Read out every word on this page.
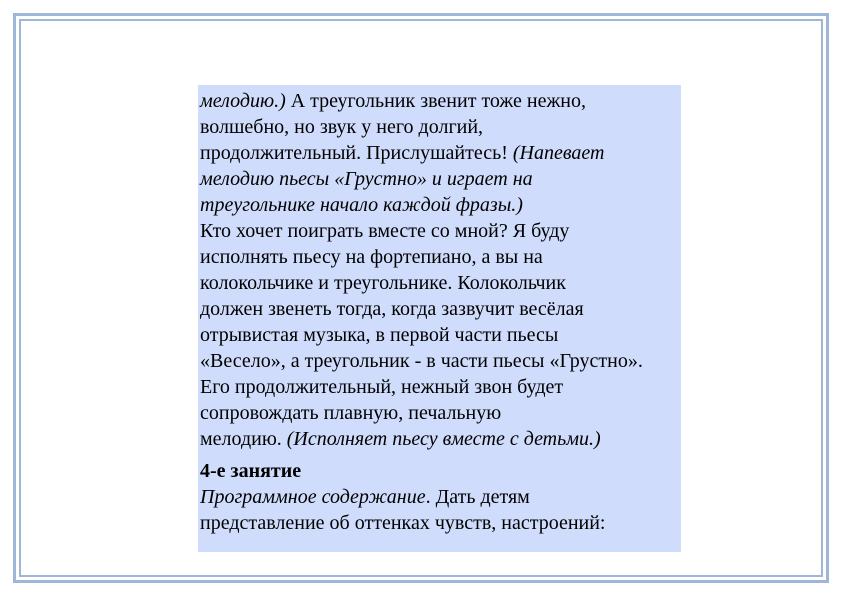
мелодию.) А треугольник звенит тоже нежно,
волшебно, но звук у него долгий,
продолжительный. Прислушайтесь! (Напевает
мелодию пьесы «Грустно» и играет на
треугольнике начало каждой фразы.)

Кто хочет поиграть вместе со мной? Я буду
исполнять пьесу на фортепиано, а вы на
колокольчике и треугольнике. Колокольчик
должен звенеть тогда, когда зазвучит весёлая
отрывистая музыка, в первой части пьесы
«Весело», а треугольник - в части пьесы «Грустно».
Его продолжительный, нежный звон будет
сопровождать плавную, печальную
мелодию. (Исполняет пьесу вместе с детьми.)

4-е занятие

Программное содержание. Дать детям
представление об оттенках чувств, настроений:
